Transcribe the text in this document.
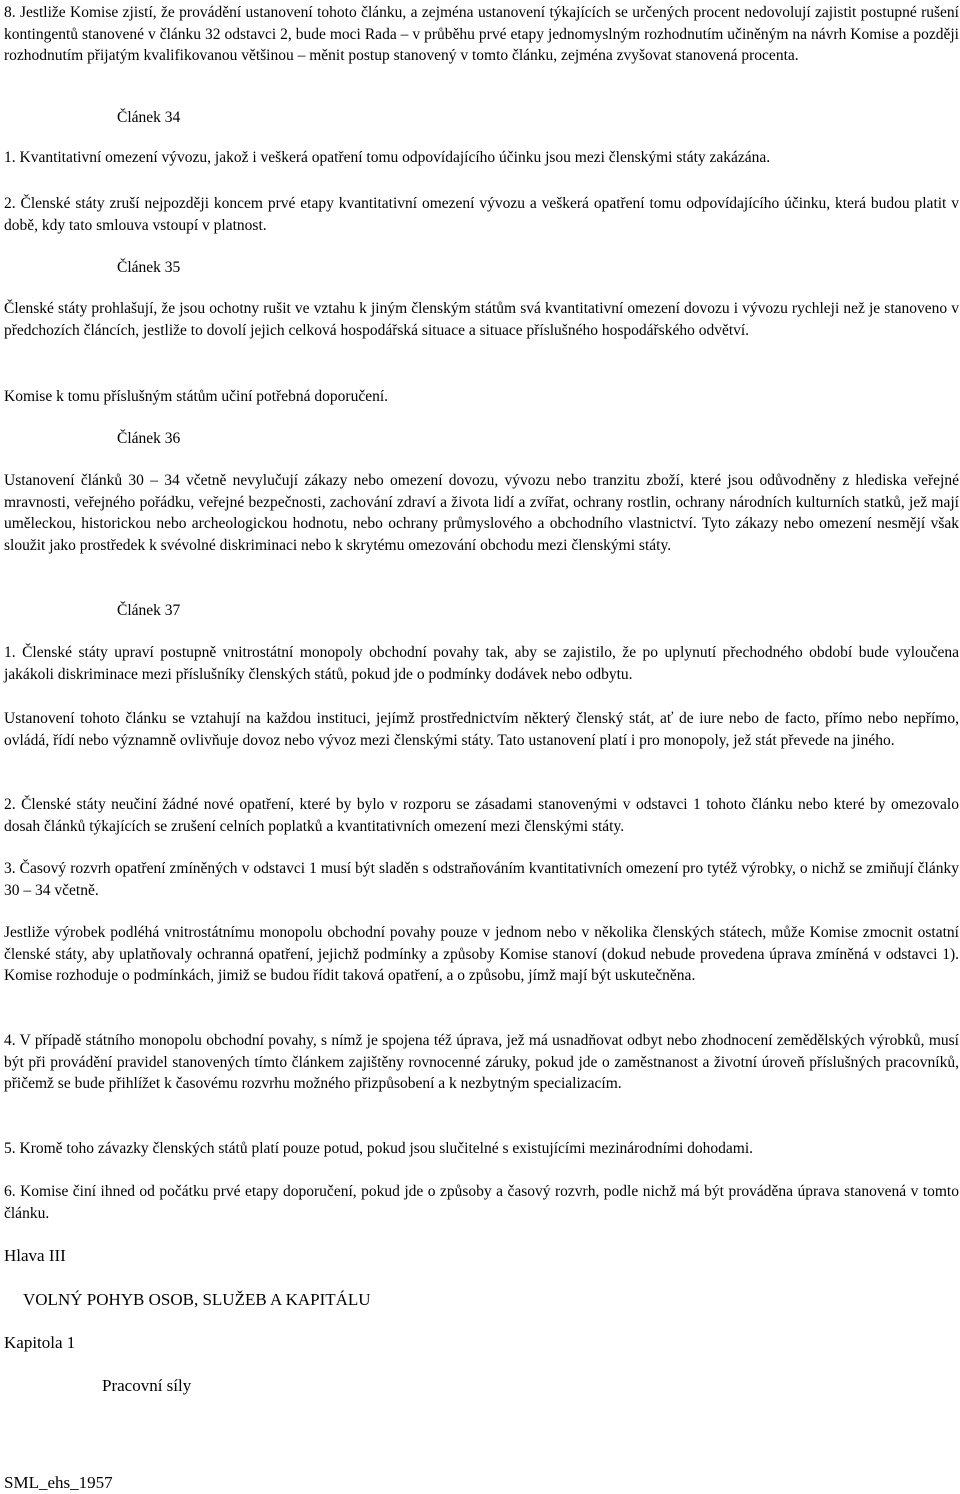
8. Jestliže Komise zjistí, že provádění ustanovení tohoto článku, a zejména ustanovení týkajících se určených procent nedovolují zajistit postupné rušení kontingentů stanovené v článku 32 odstavci 2, bude moci Rada – v průběhu prvé etapy jednomyslným rozhodnutím učiněným na návrh Komise a později rozhodnutím přijatým kvalifikovanou většinou – měnit postup stanovený v tomto článku, zejména zvyšovat stanovená procenta.

Článek 34

1. Kvantitativní omezení vývozu, jakož i veškerá opatření tomu odpovídajícího účinku jsou mezi členskými státy zakázána.

2. Členské státy zruší nejpozději koncem prvé etapy kvantitativní omezení vývozu a veškerá opatření tomu odpovídajícího účinku, která budou platit v době, kdy tato smlouva vstoupí v platnost.

Článek 35

Členské státy prohlašují, že jsou ochotny rušit ve vztahu k jiným členským státům svá kvantitativní omezení dovozu i vývozu rychleji než je stanoveno v předchozích článcích, jestliže to dovolí jejich celková hospodářská situace a situace příslušného hospodářského odvětví.

Komise k tomu příslušným státům učiní potřebná doporučení.

Článek 36

Ustanovení článků 30 – 34 včetně nevylučují zákazy nebo omezení dovozu, vývozu nebo tranzitu zboží, které jsou odůvodněny z hlediska veřejné mravnosti, veřejného pořádku, veřejné bezpečnosti, zachování zdraví a života lidí a zvířat, ochrany rostlin, ochrany národních kulturních statků, jež mají uměleckou, historickou nebo archeologickou hodnotu, nebo ochrany průmyslového a obchodního vlastnictví. Tyto zákazy nebo omezení nesmějí však sloužit jako prostředek k svévolné diskriminaci nebo k skrytému omezování obchodu mezi členskými státy.

Článek 37

1. Členské státy upraví postupně vnitrostátní monopoly obchodní povahy tak, aby se zajistilo, že po uplynutí přechodného období bude vyloučena jakákoli diskriminace mezi příslušníky členských států, pokud jde o podmínky dodávek nebo odbytu.

Ustanovení tohoto článku se vztahují na každou instituci, jejímž prostřednictvím některý členský stát, ať de iure nebo de facto, přímo nebo nepřímo, ovládá, řídí nebo významně ovlivňuje dovoz nebo vývoz mezi členskými státy. Tato ustanovení platí i pro monopoly, jež stát převede na jiného.

2. Členské státy neučiní žádné nové opatření, které by bylo v rozporu se zásadami stanovenými v odstavci 1 tohoto článku nebo které by omezovalo dosah článků týkajících se zrušení celních poplatků a kvantitativních omezení mezi členskými státy.

3. Časový rozvrh opatření zmíněných v odstavci 1 musí být sladěn s odstraňováním kvantitativních omezení pro tytéž výrobky, o nichž se zmiňují články 30 – 34 včetně.

Jestliže výrobek podléhá vnitrostátnímu monopolu obchodní povahy pouze v jednom nebo v několika členských státech, může Komise zmocnit ostatní členské státy, aby uplatňovaly ochranná opatření, jejichž podmínky a způsoby Komise stanoví (dokud nebude provedena úprava zmíněná v odstavci 1). Komise rozhoduje o podmínkách, jimiž se budou řídit taková opatření, a o způsobu, jímž mají být uskutečněna.

4. V případě státního monopolu obchodní povahy, s nímž je spojena též úprava, jež má usnadňovat odbyt nebo zhodnocení zemědělských výrobků, musí být při provádění pravidel stanovených tímto článkem zajištěny rovnocenné záruky, pokud jde o zaměstnanost a životní úroveň příslušných pracovníků, přičemž se bude přihlížet k časovému rozvrhu možného přizpůsobení a k nezbytným specializacím.

5. Kromě toho závazky členských států platí pouze potud, pokud jsou slučitelné s existujícími mezinárodními dohodami.

6. Komise činí ihned od počátku prvé etapy doporučení, pokud jde o způsoby a časový rozvrh, podle nichž má být prováděna úprava stanovená v tomto článku.

Hlava III

VOLNÝ POHYB OSOB, SLUŽEB A KAPITÁLU

Kapitola 1

Pracovní síly

SML_ehs_1957
